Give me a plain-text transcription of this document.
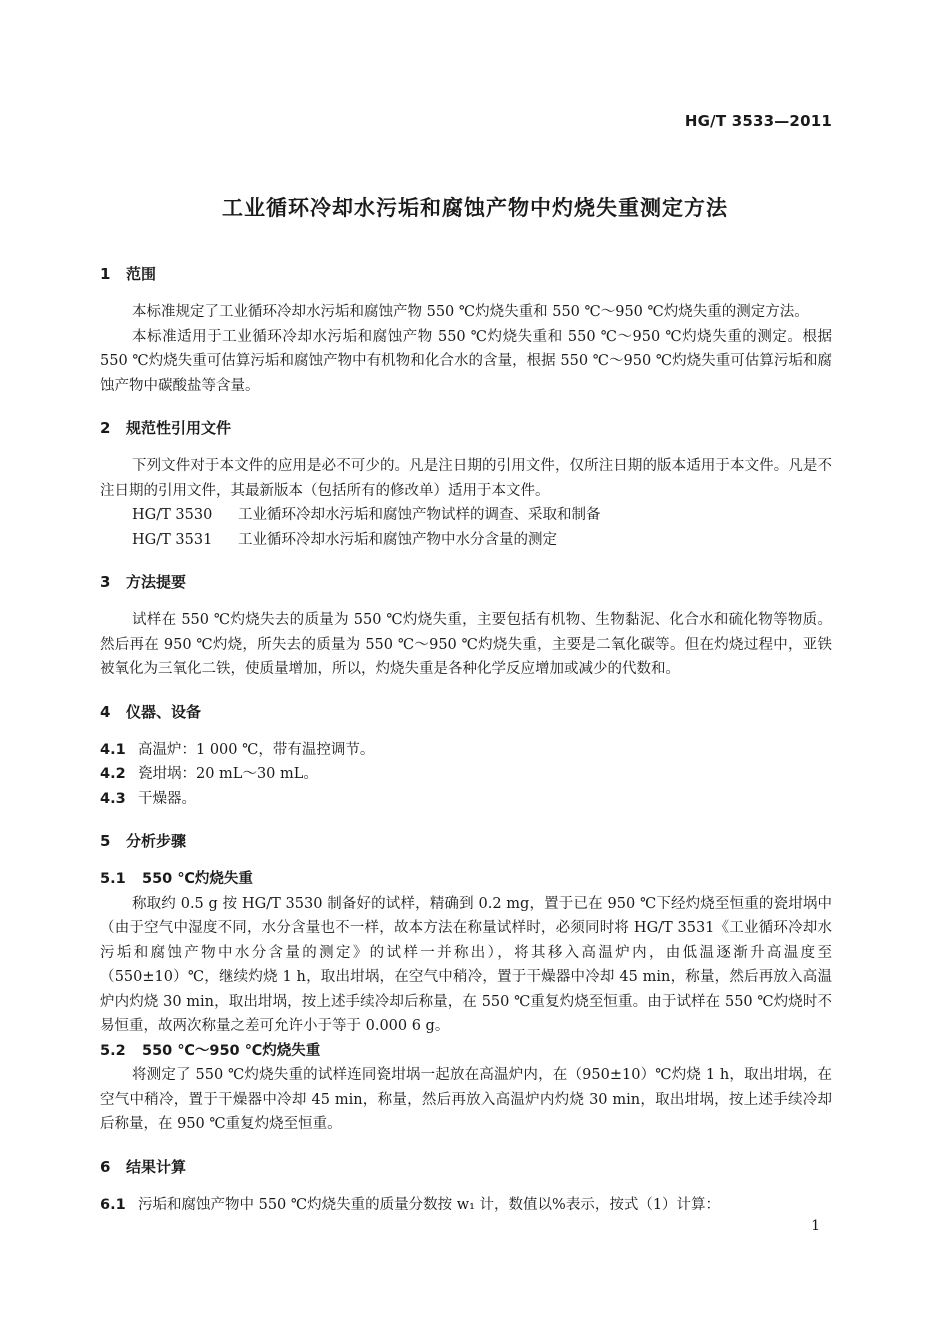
HG/T 3533—2011
工业循环冷却水污垢和腐蚀产物中灼烧失重测定方法
1 范围

本标准规定了工业循环冷却水污垢和腐蚀产物 550 ℃灼烧失重和 550 ℃～950 ℃灼烧失重的测定方法。

本标准适用于工业循环冷却水污垢和腐蚀产物 550 ℃灼烧失重和 550 ℃～950 ℃灼烧失重的测定。根据 550 ℃灼烧失重可估算污垢和腐蚀产物中有机物和化合水的含量，根据 550 ℃～950 ℃灼烧失重可估算污垢和腐蚀产物中碳酸盐等含量。

2 规范性引用文件

下列文件对于本文件的应用是必不可少的。凡是注日期的引用文件，仅所注日期的版本适用于本文件。凡是不注日期的引用文件，其最新版本（包括所有的修改单）适用于本文件。

HG/T 3530 工业循环冷却水污垢和腐蚀产物试样的调查、采取和制备

HG/T 3531 工业循环冷却水污垢和腐蚀产物中水分含量的测定

3 方法提要

试样在 550 ℃灼烧失去的质量为 550 ℃灼烧失重，主要包括有机物、生物黏泥、化合水和硫化物等物质。然后再在 950 ℃灼烧，所失去的质量为 550 ℃～950 ℃灼烧失重，主要是二氧化碳等。但在灼烧过程中，亚铁被氧化为三氧化二铁，使质量增加，所以，灼烧失重是各种化学反应增加或减少的代数和。

4 仪器、设备

4.1 高温炉：1 000 ℃，带有温控调节。

4.2 瓷坩埚：20 mL～30 mL。

4.3 干燥器。

5 分析步骤
5.1 550 ℃灼烧失重

称取约 0.5 g 按 HG/T 3530 制备好的试样，精确到 0.2 mg，置于已在 950 ℃下经灼烧至恒重的瓷坩埚中（由于空气中湿度不同，水分含量也不一样，故本方法在称量试样时，必须同时将 HG/T 3531《工业循环冷却水污垢和腐蚀产物中水分含量的测定》的试样一并称出），将其移入高温炉内，由低温逐渐升高温度至（550±10）℃，继续灼烧 1 h，取出坩埚，在空气中稍冷，置于干燥器中冷却 45 min，称量，然后再放入高温炉内灼烧 30 min，取出坩埚，按上述手续冷却后称量，在 550 ℃重复灼烧至恒重。由于试样在 550 ℃灼烧时不易恒重，故两次称量之差可允许小于等于 0.000 6 g。

5.2 550 ℃～950 ℃灼烧失重

将测定了 550 ℃灼烧失重的试样连同瓷坩埚一起放在高温炉内，在（950±10）℃灼烧 1 h，取出坩埚，在空气中稍冷，置于干燥器中冷却 45 min，称量，然后再放入高温炉内灼烧 30 min，取出坩埚，按上述手续冷却后称量，在 950 ℃重复灼烧至恒重。

6 结果计算

6.1 污垢和腐蚀产物中 550 ℃灼烧失重的质量分数按 w₁ 计，数值以%表示，按式（1）计算：

1
